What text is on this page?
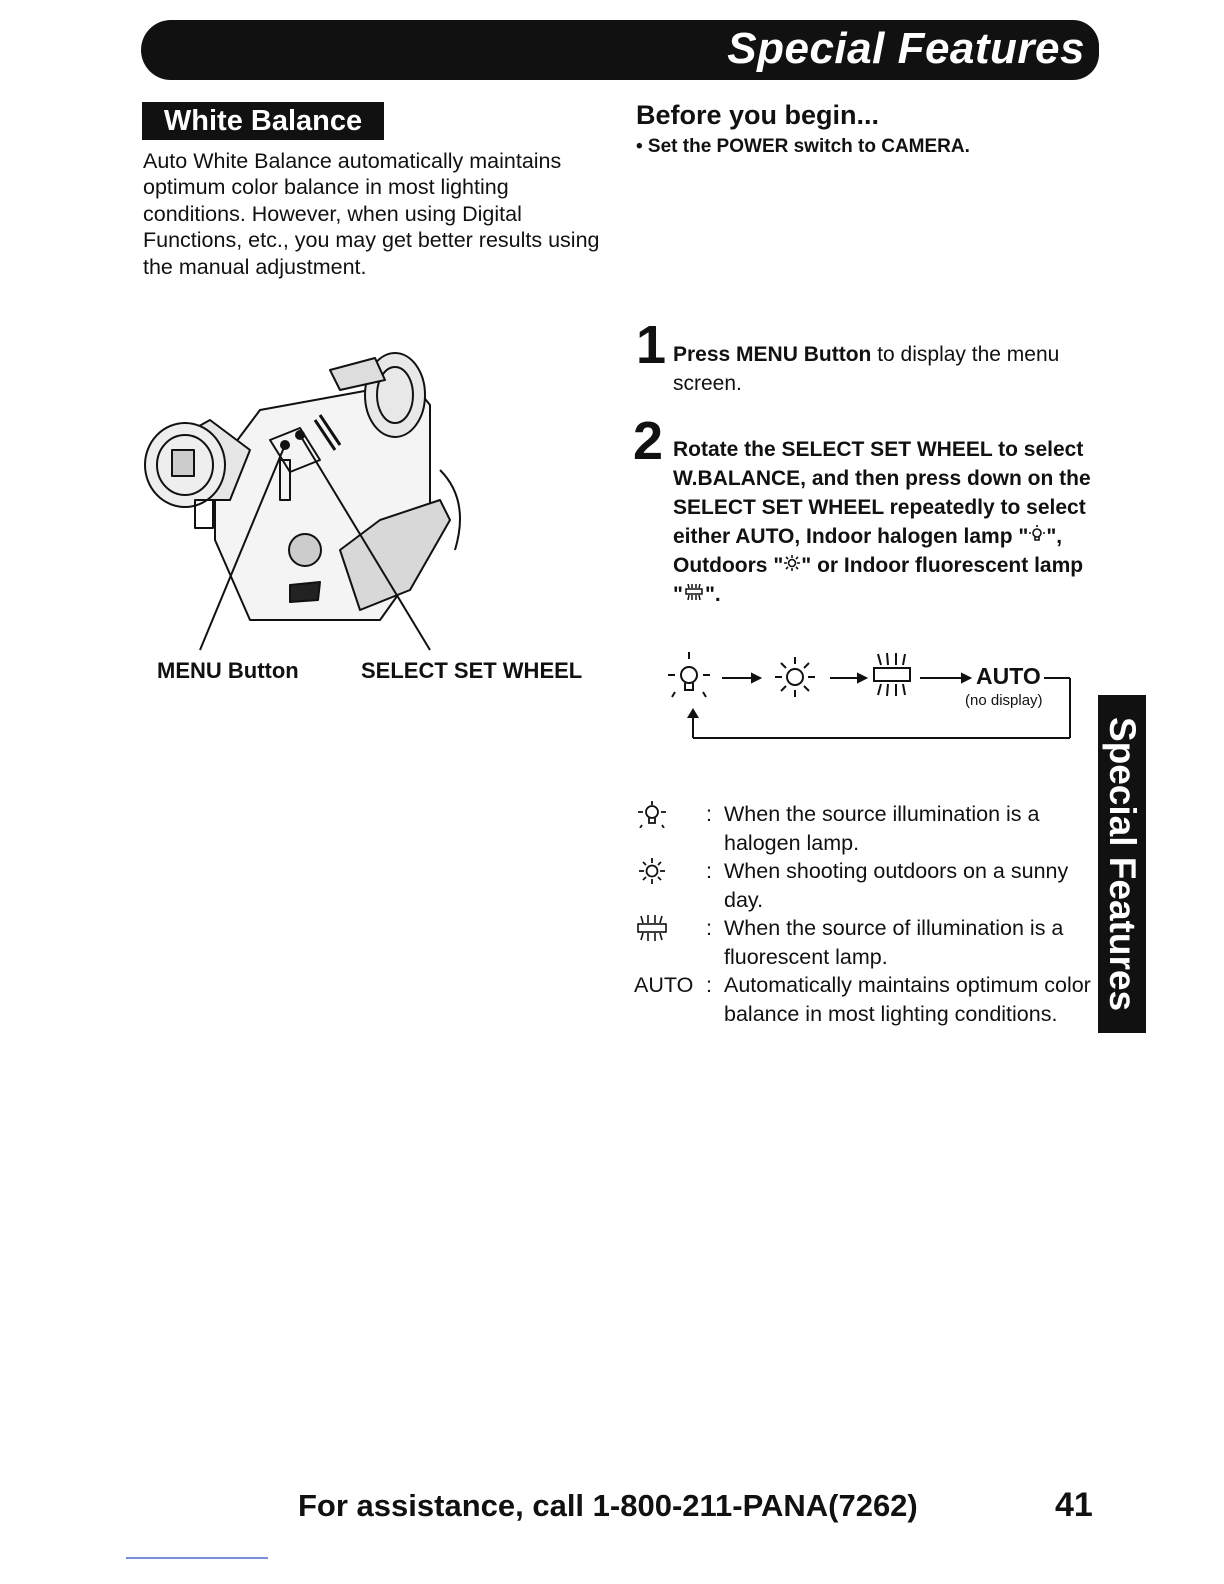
Special Features
White Balance
Auto White Balance automatically maintains optimum color balance in most lighting conditions. However, when using Digital Functions, etc., you may get better results using the manual adjustment.
MENU Button	SELECT SET WHEEL
Before you begin...
• Set the POWER switch to CAMERA.
1 Press MENU Button to display the menu screen.
2 Rotate the SELECT SET WHEEL to select W.BALANCE, and then press down on the SELECT SET WHEEL repeatedly to select either AUTO, Indoor halogen lamp " ", Outdoors " " or Indoor fluorescent lamp " ".
AUTO
(no display)
: When the source illumination is a halogen lamp.
: When shooting outdoors on a sunny day.
: When the source of illumination is a fluorescent lamp.
AUTO : Automatically maintains optimum color balance in most lighting conditions.
Special Features
For assistance, call 1-800-211-PANA(7262)	41
